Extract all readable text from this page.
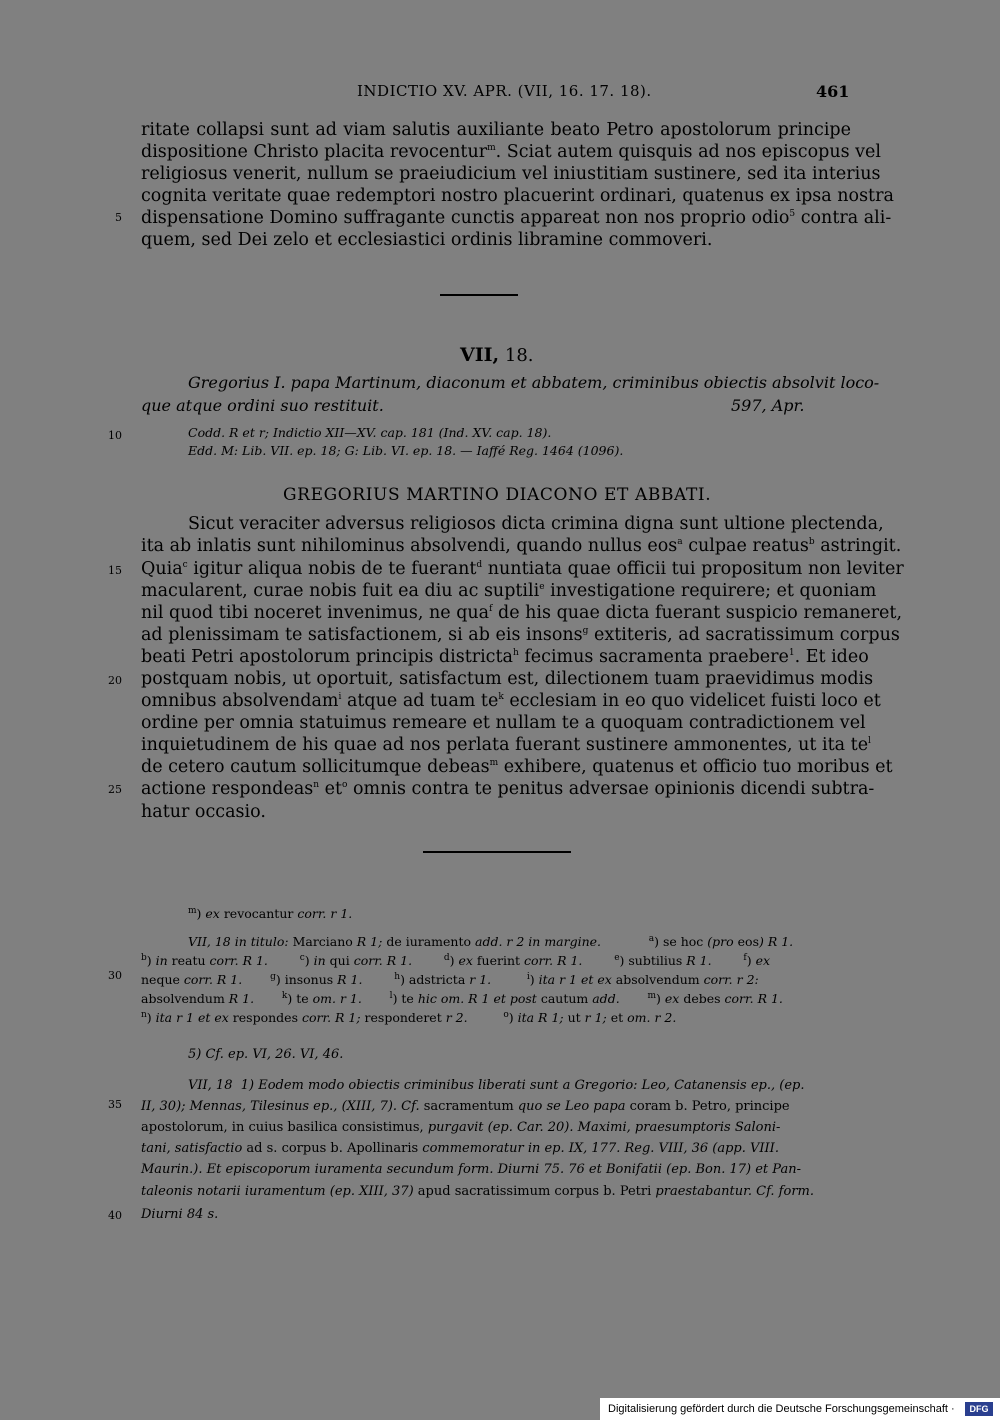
INDICTIO XV. APR. (VII, 16. 17. 18).	461
ritate collapsi sunt ad viam salutis auxiliante beato Petro apostolorum principe
dispositione Christo placita revocentur$^m$. Sciat autem quisquis ad nos episcopus vel
religiosus venerit, nullum se praeiudicium vel iniustitiam sustinere, sed ita interius
cognita veritate quae redemptori nostro placuerint ordinari, quatenus ex ipsa nostra
dispensatione Domino suffragante cunctis appareat non nos proprio odio$^5$ contra ali-
quem, sed Dei zelo et ecclesiastici ordinis libramine commoveri.
VII, 18.
Gregorius I. papa Martinum, diaconum et abbatem, criminibus obiectis absolvit loco-
que atque ordini suo restituit.	597, Apr.
Codd. R et r; Indictio XII—XV. cap. 181 (Ind. XV. cap. 18).
Edd. M: Lib. VII. ep. 18; G: Lib. VI. ep. 18. — Iaffé Reg. 1464 (1096).
GREGORIUS MARTINO DIACONO ET ABBATI.
Sicut veraciter adversus religiosos dicta crimina digna sunt ultione plectenda,
ita ab inlatis sunt nihilominus absolvendi, quando nullus eos$^a$ culpae reatus$^b$ astringit.
Quia$^c$ igitur aliqua nobis de te fuerant$^d$ nuntiata quae officii tui propositum non leviter
macularent, curae nobis fuit ea diu ac suptili$^e$ investigatione requirere; et quoniam
nil quod tibi noceret invenimus, ne qua$^f$ de his quae dicta fuerant suspicio remaneret,
ad plenissimam te satisfactionem, si ab eis insons$^g$ extiteris, ad sacratissimum corpus
beati Petri apostolorum principis districta$^h$ fecimus sacramenta praebere$^1$. Et ideo
postquam nobis, ut oportuit, satisfactum est, dilectionem tuam praevidimus modis
omnibus absolvendam$^i$ atque ad tuam $te^k$ ecclesiam in eo quo videlicet fuisti loco et
ordine per omnia statuimus remeare et nullam te a quoquam contradictionem vel
inquietudinem de his quae ad nos perlata fuerant sustinere ammonentes, ut ita $te^l$
de cetero cautum sollicitumque debeas$^m$ exhibere, quatenus et officio tuo moribus et
actione respondeas$^n$ $et^o$ omnis contra te penitus adversae opinionis dicendi subtra-
hatur occasio.
$^m$) ex revocantur corr. r 1.
VII, 18 in titulo: Marciano R 1; de iuramento add. r 2 in margine.	$^a$) se hoc (pro eos) R 1.
$^b$) in reatu corr. R 1.	$^c$) in qui corr. R 1.	$^d$) ex fuerint corr. R 1.	$^e$) subtilius R 1.	$^f$) ex
neque corr. R 1.	$^g$) insonus R 1.	$^h$) adstricta r 1.	$^i$) ita r 1 et ex absolvendum corr. r 2:
absolvendum R 1.	$^k$) te om. r 1.	$^l$) te hic om. R 1 et post cautum add.	$^m$) ex debes corr. R 1.
$^n$) ita r 1 et ex respondes corr. R 1; responderet r 2.	$^o$) ita R 1; ut r 1; et om. r 2.
5) Cf. ep. VI, 26. VI, 46.
VII, 18  1) Eodem modo obiectis criminibus liberati sunt a Gregorio: Leo, Catanensis ep., (ep.
II, 30); Mennas, Tilesinus ep., (XIII, 7). Cf. sacramentum quo se Leo papa coram b. Petro, principe
apostolorum, in cuius basilica consistimus, purgavit (ep. Car. 20). Maximi, praesumptoris Saloni-
tani, satisfactio ad s. corpus b. Apollinaris commemoratur in ep. IX, 177. Reg. VIII, 36 (app. VIII.
Maurin.). Et episcoporum iuramenta secundum form. Diurni 75. 76 et Bonifatii (ep. Bon. 17) et Pan-
taleonis notarii iuramentum (ep. XIII, 37) apud sacratissimum corpus b. Petri praestabantur. Cf. form.
Diurni 84 s.
5
10
15
20
25
30
35
40
Digitalisierung gefördert durch die Deutsche Forschungsgemeinschaft ·	DFG
